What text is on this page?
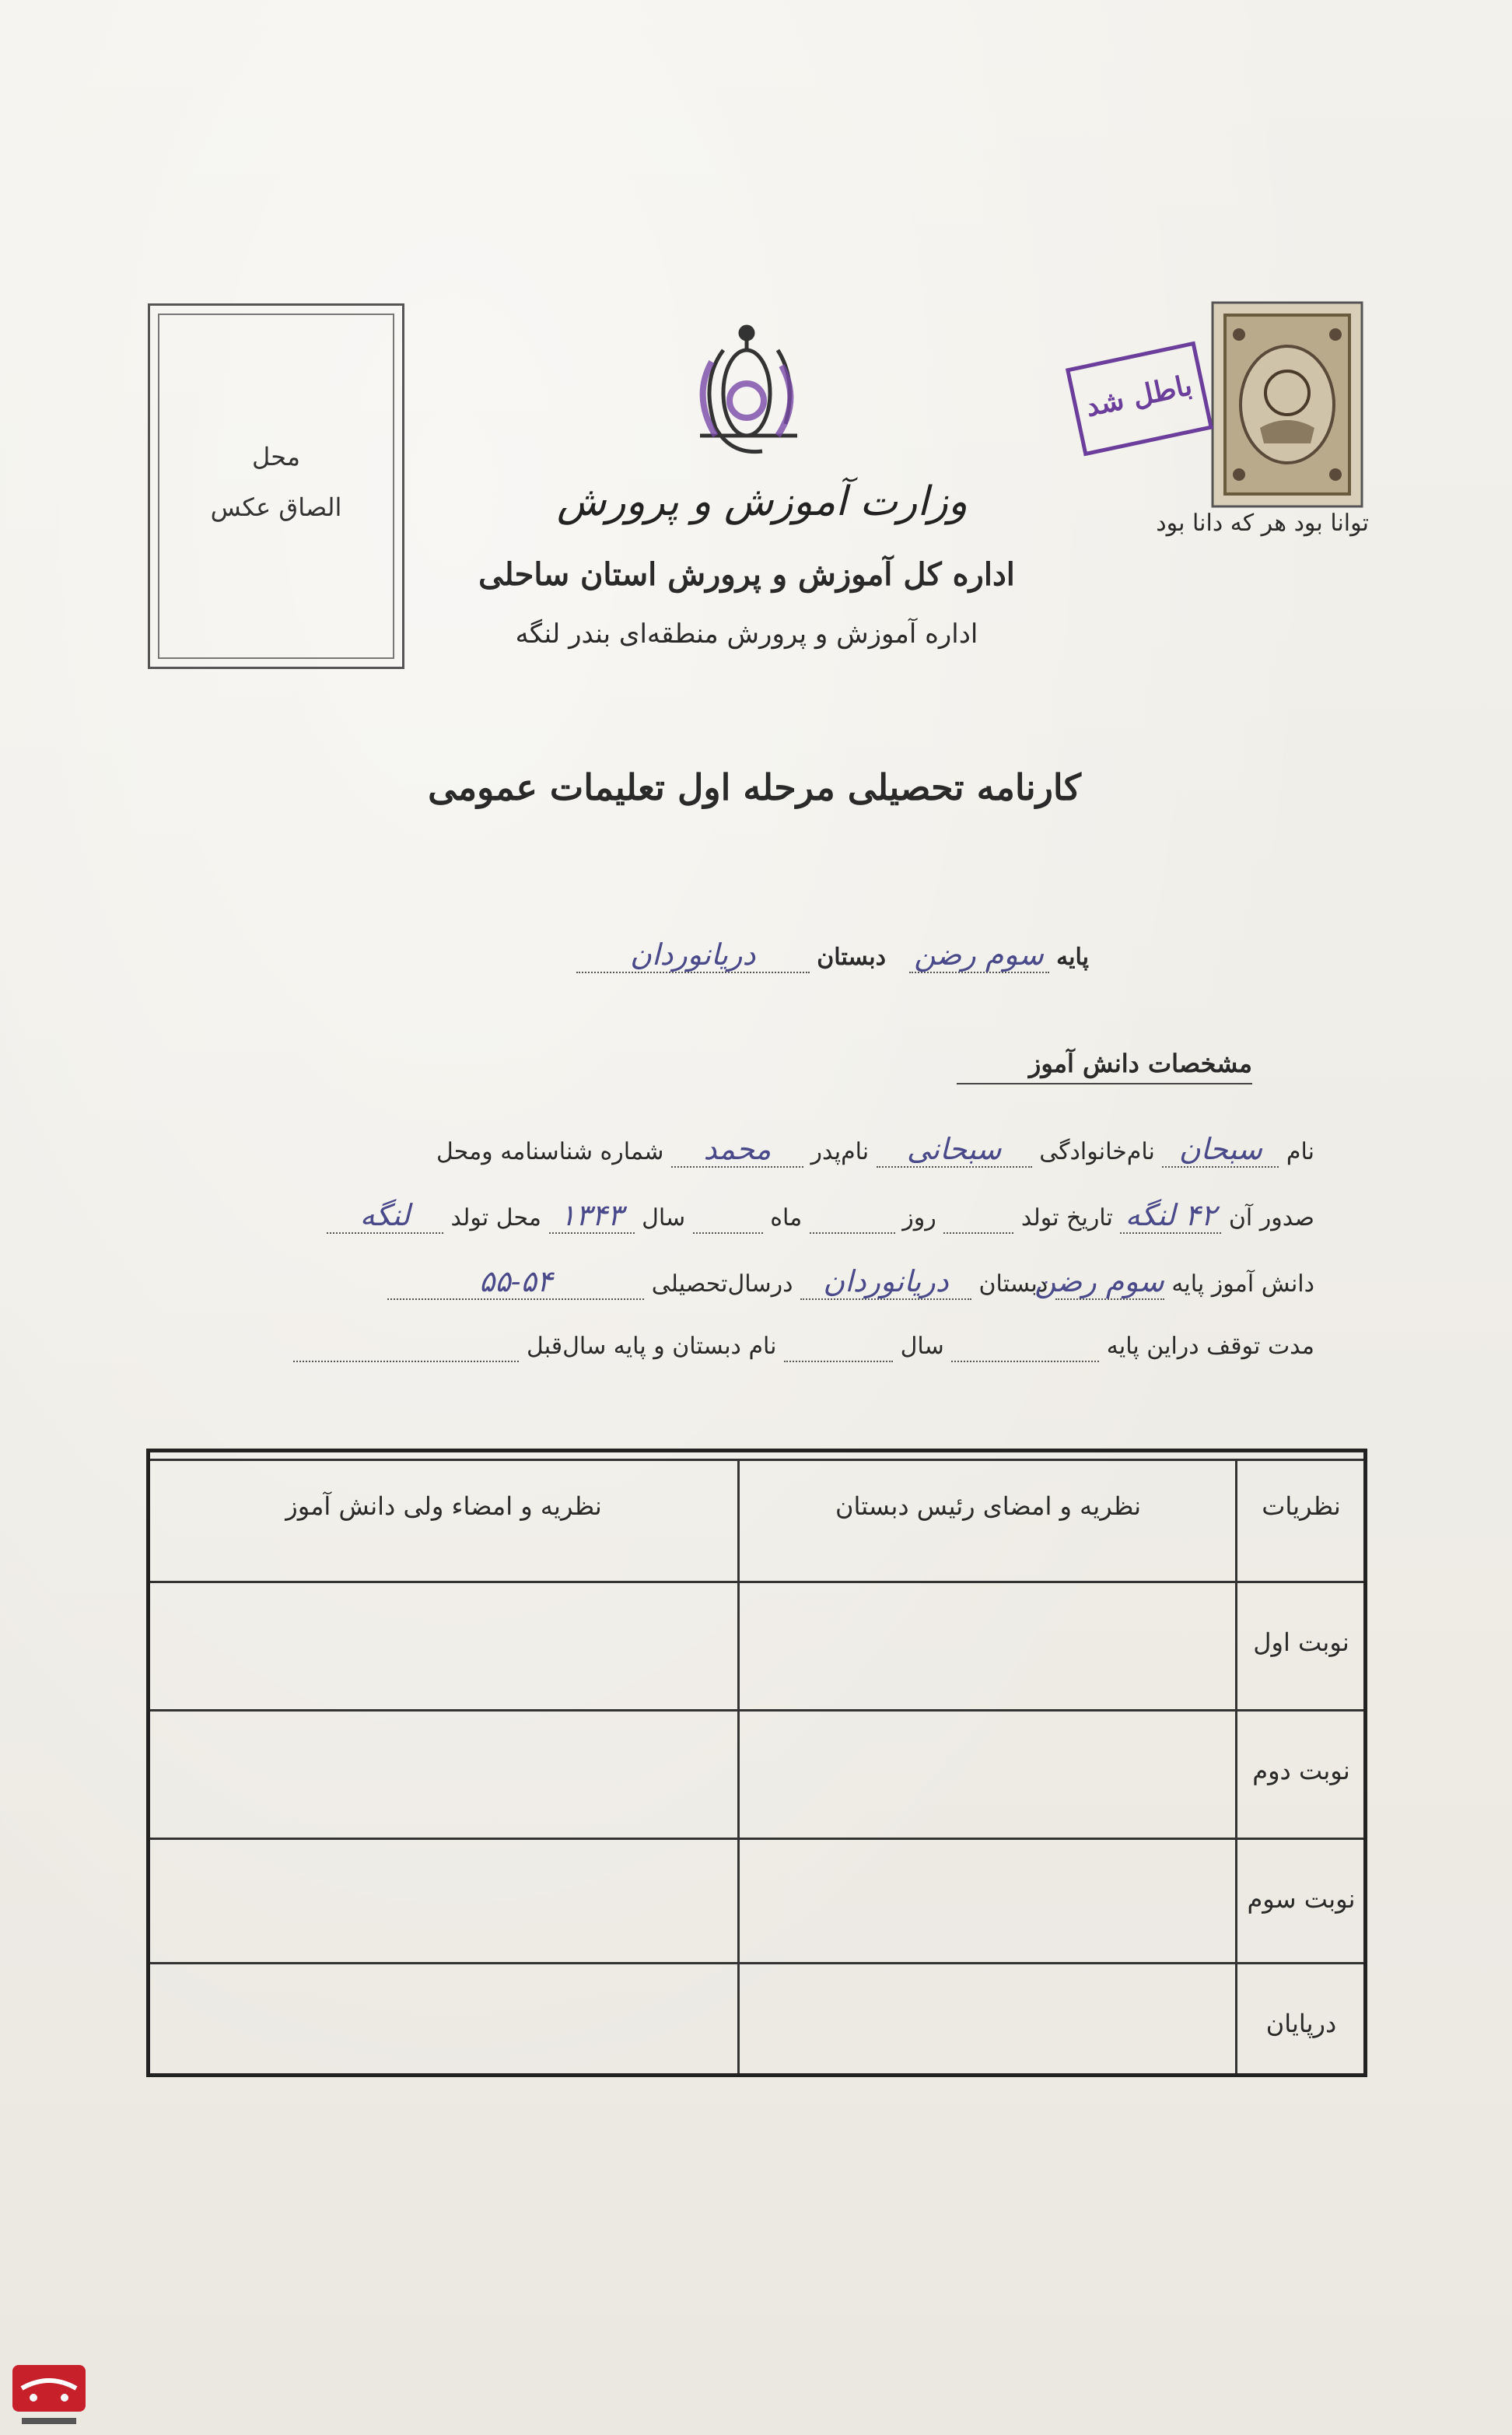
محل
الصاق عکس
باطل شد
توانا بود هر که دانا بود
وزارت آموزش و پرورش
اداره کل آموزش و پرورش استان ساحلی
اداره آموزش و پرورش منطقه‌ای بندر لنگه
کارنامه تحصیلی مرحله اول تعلیمات عمومی
پایه سوم رضن دبستان دریانوردان
مشخصات دانش آموز
نام سبحان نام‌خانوادگی سبحانی نام‌پدر محمد شماره شناسنامه ومحل
صدور آن ۴۲ لنگه تاریخ تولد  روز  ماه  سال ۱۳۴۳ محل تولد لنگه
دانش آموز پایه سوم رضن دبستان دریانوردان درسال‌تحصیلی ۵۵-۵۴
مدت توقف دراین پایه  سال  نام دبستان و پایه سال‌قبل
نظریات
نظریه و امضای رئیس دبستان
نظریه و امضاء ولی دانش آموز
نوبت اول
نوبت دوم
نوبت سوم
درپایان
